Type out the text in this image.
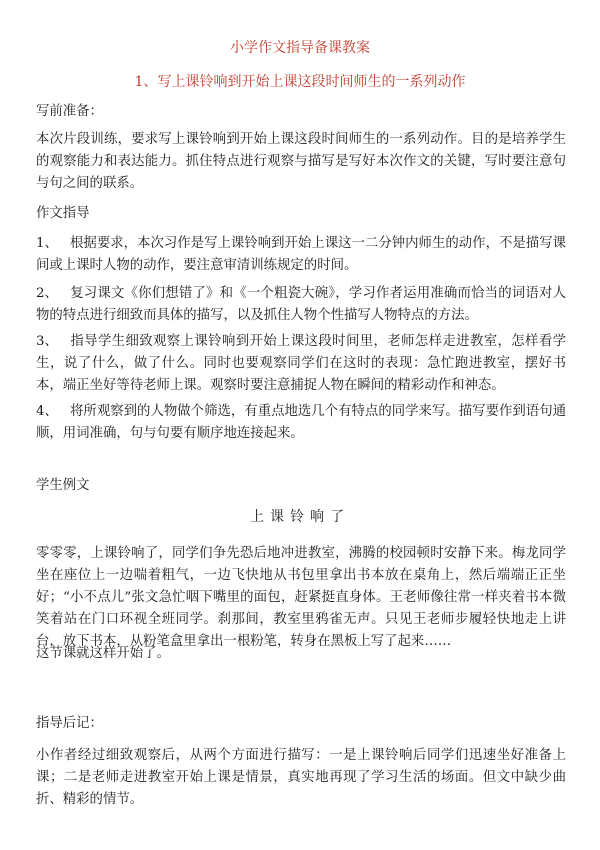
小学作文指导备课教案
1、写上课铃响到开始上课这段时间师生的一系列动作
写前准备：
本次片段训练，要求写上课铃响到开始上课这段时间师生的一系列动作。目的是培养学生的观察能力和表达能力。抓住特点进行观察与描写是写好本次作文的关键，写时要注意句与句之间的联系。
作文指导
1、 根据要求，本次习作是写上课铃响到开始上课这一二分钟内师生的动作，不是描写课间或上课时人物的动作，要注意审清训练规定的时间。
2、 复习课文《你们想错了》和《一个粗瓷大碗》，学习作者运用准确而恰当的词语对人物的特点进行细致而具体的描写，以及抓住人物个性描写人物特点的方法。
3、 指导学生细致观察上课铃响到开始上课这段时间里，老师怎样走进教室，怎样看学生，说了什么，做了什么。同时也要观察同学们在这时的表现：急忙跑进教室，摆好书本，端正坐好等待老师上课。观察时要注意捕捉人物在瞬间的精彩动作和神态。
4、 将所观察到的人物做个筛选，有重点地选几个有特点的同学来写。描写要作到语句通顺，用词准确，句与句要有顺序地连接起来。
学生例文
上课铃响了
零零零，上课铃响了，同学们争先恐后地冲进教室，沸腾的校园顿时安静下来。梅龙同学坐在座位上一边喘着粗气，一边飞快地从书包里拿出书本放在桌角上，然后端端正正坐好；“小不点儿”张文急忙咽下嘴里的面包，赶紧挺直身体。王老师像往常一样夹着书本微笑着站在门口环视全班同学。刹那间，教室里鸦雀无声。只见王老师步履轻快地走上讲台，放下书本，从粉笔盒里拿出一根粉笔，转身在黑板上写了起来……
这节课就这样开始了。
指导后记：
小作者经过细致观察后，从两个方面进行描写：一是上课铃响后同学们迅速坐好准备上课；二是老师走进教室开始上课是情景，真实地再现了学习生活的场面。但文中缺少曲折、精彩的情节。
